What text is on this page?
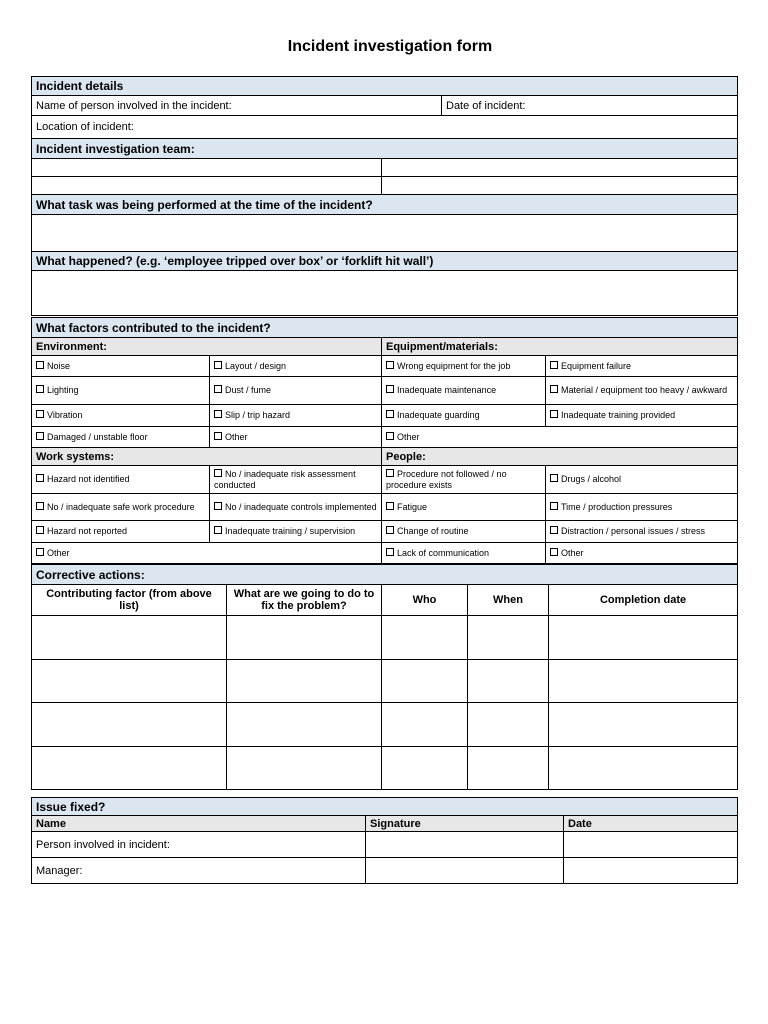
Incident investigation form
Incident details		
Name of person involved in the incident:		Date of incident:
Location of incident:		
Incident investigation team:		

What task was being performed at the time of the incident?		

What happened? (e.g. ‘employee tripped over box’ or ‘forklift hit wall’)		

What factors contributed to the incident?			
Environment:		Equipment/materials:	
Noise	Layout / design	Wrong equipment for the job	Equipment failure
Lighting	Dust / fume	Inadequate maintenance	Material / equipment too heavy / awkward
Vibration	Slip / trip hazard	Inadequate guarding	Inadequate training provided
Damaged / unstable floor	Other	Other	
Work systems:		People:	
Hazard not identified	No / inadequate risk assessment conducted	Procedure not followed / no procedure exists	Drugs / alcohol
No / inadequate safe work procedure	No / inadequate controls implemented	Fatigue	Time / production pressures
Hazard not reported	Inadequate training / supervision	Change of routine	Distraction / personal issues / stress
Other		Lack of communication	Other
Corrective actions:				
Contributing factor (from above list)	What are we going to do to fix the problem?	Who	When	Completion date

Issue fixed?		
Name	Signature	Date
Person involved in incident:		
Manager:		
